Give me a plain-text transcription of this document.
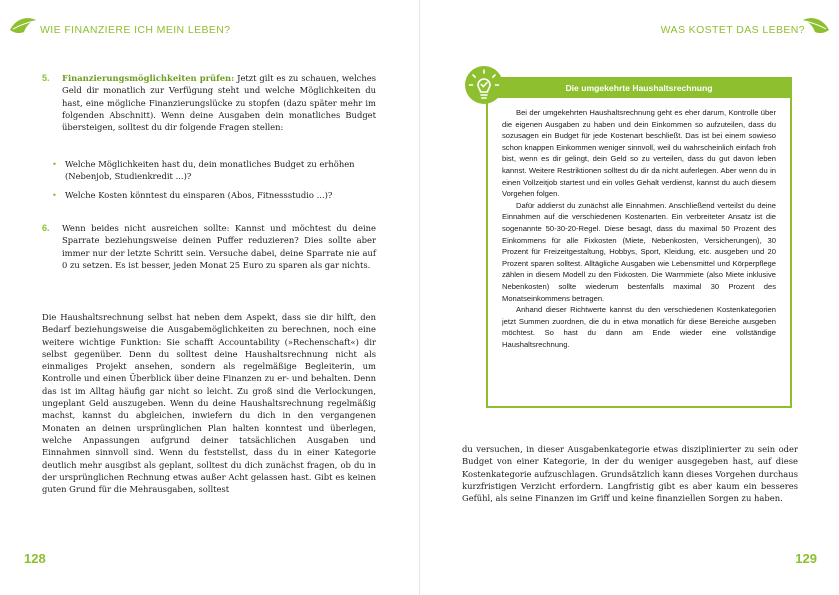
WIE FINANZIERE ICH MEIN LEBEN?
5. Finanzierungsmöglichkeiten prüfen: Jetzt gilt es zu schauen, welches Geld dir monatlich zur Verfügung steht und welche Möglichkeiten du hast, eine mögliche Finanzierungslücke zu stopfen (dazu später mehr im folgenden Abschnitt). Wenn deine Ausgaben dein monatliches Budget übersteigen, solltest du dir folgende Fragen stellen:
• Welche Möglichkeiten hast du, dein monatliches Budget zu erhöhen (Nebenjob, Studienkredit ...)?
• Welche Kosten könntest du einsparen (Abos, Fitnessstudio ...)?
6. Wenn beides nicht ausreichen sollte: Kannst und möchtest du deine Sparrate beziehungsweise deinen Puffer reduzieren? Dies sollte aber immer nur der letzte Schritt sein. Versuche dabei, deine Sparrate nie auf 0 zu setzen. Es ist besser, jeden Monat 25 Euro zu sparen als gar nichts.

Die Haushaltsrechnung selbst hat neben dem Aspekt, dass sie dir hilft, den Bedarf beziehungsweise die Ausgabemöglichkeiten zu berechnen, noch eine weitere wichtige Funktion: Sie schafft Accountability (»Rechenschaft«) dir selbst gegenüber. Denn du solltest deine Haushaltsrechnung nicht als einmaliges Projekt ansehen, sondern als regelmäßige Begleiterin, um Kontrolle und einen Überblick über deine Finanzen zu er- und behalten. Denn das ist im Alltag häufig gar nicht so leicht. Zu groß sind die Verlockungen, ungeplant Geld auszugeben. Wenn du deine Haushaltsrechnung regelmäßig machst, kannst du abgleichen, inwiefern du dich in den vergangenen Monaten an deinen ursprünglichen Plan halten konntest und überlegen, welche Anpassungen aufgrund deiner tatsächlichen Ausgaben und Einnahmen sinnvoll sind. Wenn du feststellst, dass du in einer Kategorie deutlich mehr ausgibst als geplant, solltest du dich zunächst fragen, ob du in der ursprünglichen Rechnung etwas außer Acht gelassen hast. Gibt es keinen guten Grund für die Mehrausgaben, solltest

128
WAS KOSTET DAS LEBEN?
Die umgekehrte Haushaltsrechnung

Bei der umgekehrten Haushaltsrechnung geht es eher darum, Kontrolle über die eigenen Ausgaben zu haben und dein Einkommen so aufzuteilen, dass du sozusagen ein Budget für jede Kostenart beschließt. Das ist bei einem sowieso schon knappen Einkommen weniger sinnvoll, weil du wahrscheinlich einfach froh bist, wenn es dir gelingt, dein Geld so zu verteilen, dass du gut davon leben kannst. Weitere Restriktionen solltest du dir da nicht auferlegen. Aber wenn du in einen Vollzeitjob startest und ein volles Gehalt verdienst, kannst du auch diesem Vorgehen folgen.

Dafür addierst du zunächst alle Einnahmen. Anschließend verteilst du deine Einnahmen auf die verschiedenen Kostenarten. Ein verbreiteter Ansatz ist die sogenannte 50-30-20-Regel. Diese besagt, dass du maximal 50 Prozent des Einkommens für alle Fixkosten (Miete, Nebenkosten, Versicherungen), 30 Prozent für Freizeitgestaltung, Hobbys, Sport, Kleidung, etc. ausgeben und 20 Prozent sparen solltest. Alltägliche Ausgaben wie Lebensmittel und Körperpflege zählen in diesem Modell zu den Fixkosten. Die Warmmiete (also Miete inklusive Nebenkosten) sollte wiederum bestenfalls maximal 30 Prozent des Monatseinkommens betragen.

Anhand dieser Richtwerte kannst du den verschiedenen Kostenkategorien jetzt Summen zuordnen, die du in etwa monatlich für diese Bereiche ausgeben möchtest. So hast du dann am Ende wieder eine vollständige Haushaltsrechnung.

du versuchen, in dieser Ausgabenkategorie etwas disziplinierter zu sein oder Budget von einer Kategorie, in der du weniger ausgegeben hast, auf diese Kostenkategorie aufzuschlagen. Grundsätzlich kann dieses Vorgehen durchaus kurzfristigen Verzicht erfordern. Langfristig gibt es aber kaum ein besseres Gefühl, als seine Finanzen im Griff und keine finanziellen Sorgen zu haben.

129
